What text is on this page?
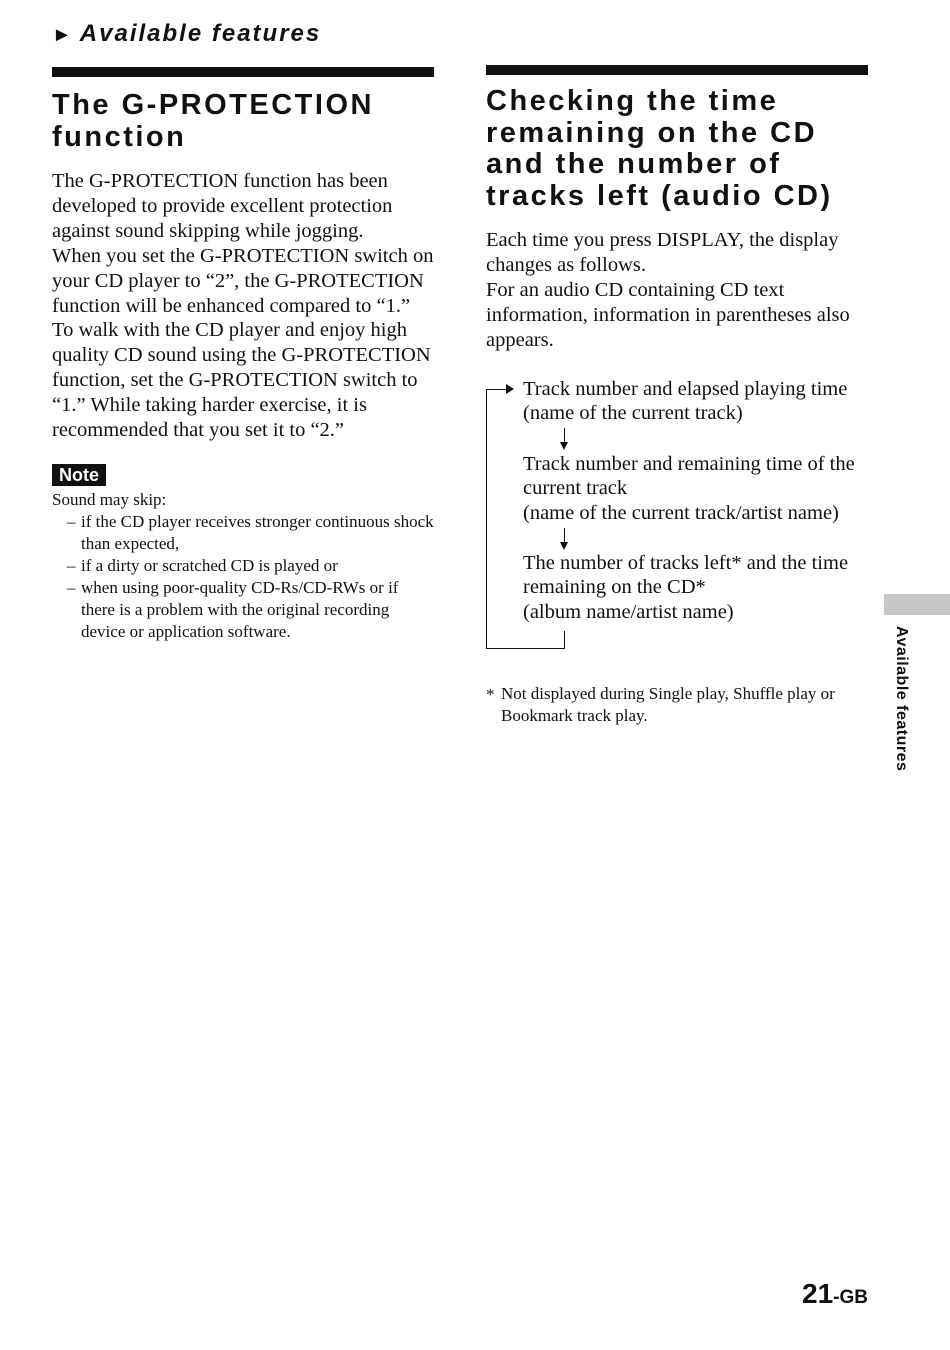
► Available features
The G-PROTECTION
function

The G-PROTECTION function has been developed to provide excellent protection against sound skipping while jogging.

When you set the G-PROTECTION switch on your CD player to “2”, the G-PROTECTION function will be enhanced compared to “1.”

To walk with the CD player and enjoy high quality CD sound using the G-PROTECTION function, set the G-PROTECTION switch to “1.” While taking harder exercise, it is recommended that you set it to “2.”

Note
Sound may skip:
– if the CD player receives stronger continuous shock than expected,
– if a dirty or scratched CD is played or
– when using poor-quality CD-Rs/CD-RWs or if there is a problem with the original recording device or application software.
Checking the time
remaining on the CD
and the number of
tracks left (audio CD)

Each time you press DISPLAY, the display changes as follows.

For an audio CD containing CD text information, information in parentheses also appears.

Track number and elapsed playing time
(name of the current track)
Track number and remaining time of the current track
(name of the current track/artist name)
The number of tracks left* and the time remaining on the CD*
(album name/artist name)
* Not displayed during Single play, Shuffle play or Bookmark track play.	Available features
21-GB
